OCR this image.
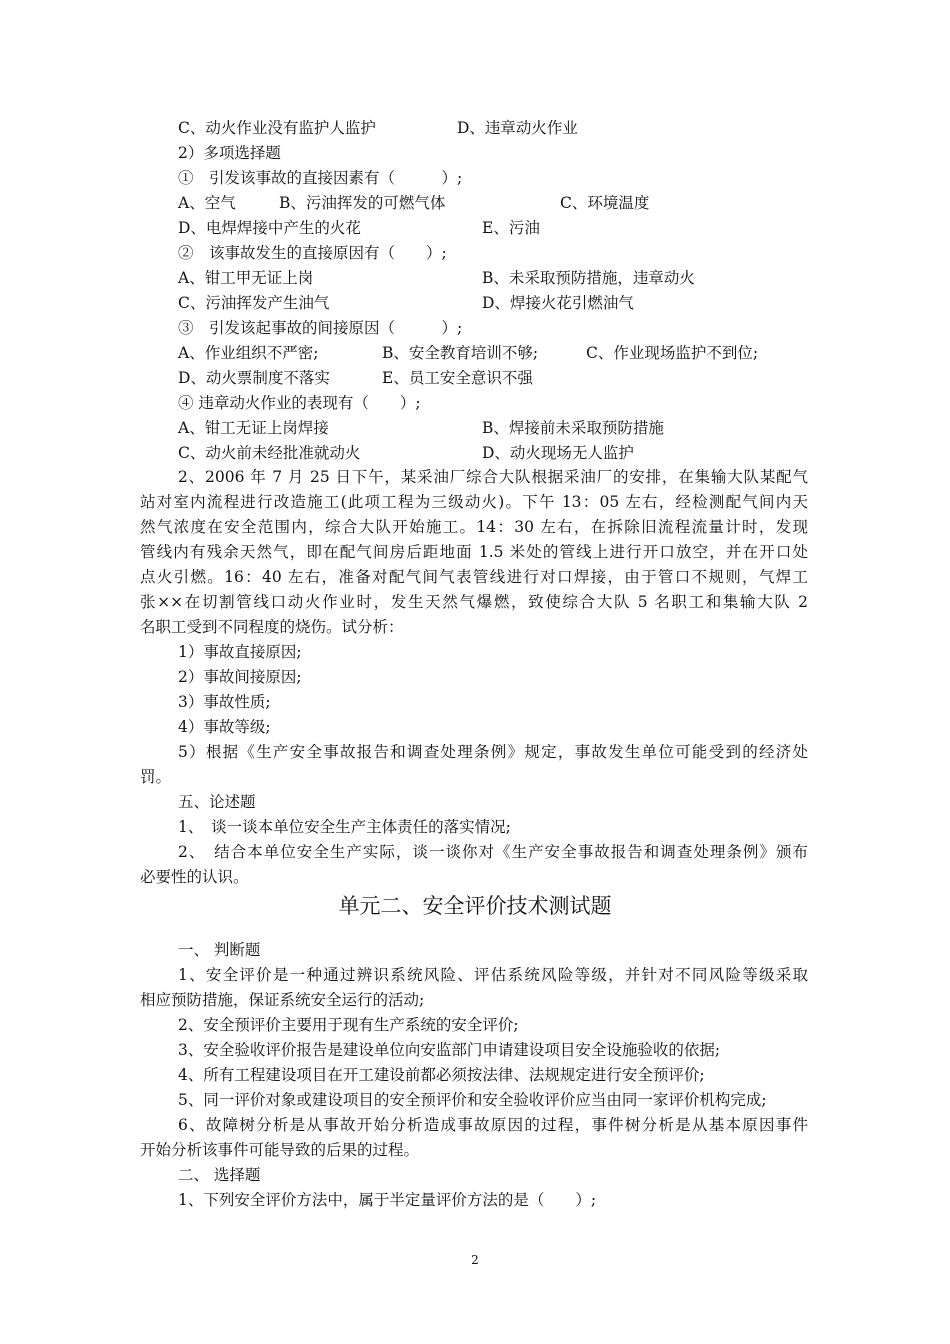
C、动火作业没有监护人监护	D、违章动火作业
2）多项选择题
①　引发该事故的直接因素有（　　　）;
A、空气	B、污油挥发的可燃气体	C、环境温度
D、电焊焊接中产生的火花	E、污油
②　该事故发生的直接原因有（　　）;
A、钳工甲无证上岗	B、未采取预防措施，违章动火
C、污油挥发产生油气	D、焊接火花引燃油气
③　引发该起事故的间接原因（　　　）;
A、作业组织不严密;	B、安全教育培训不够;	C、作业现场监护不到位;
D、动火票制度不落实	E、员工安全意识不强
④ 违章动火作业的表现有（　　）;
A、钳工无证上岗焊接	B、焊接前未采取预防措施
C、动火前未经批准就动火	D、动火现场无人监护
2、2006 年 7 月 25 日下午，某采油厂综合大队根据采油厂的安排，在集输大队某配气
站对室内流程进行改造施工(此项工程为三级动火)。下午 13：05 左右，经检测配气间内天
然气浓度在安全范围内，综合大队开始施工。14：30 左右，在拆除旧流程流量计时，发现
管线内有残余天然气，即在配气间房后距地面 1.5 米处的管线上进行开口放空，并在开口处
点火引燃。16：40 左右，准备对配气间气表管线进行对口焊接，由于管口不规则，气焊工
张××在切割管线口动火作业时，发生天然气爆燃，致使综合大队 5 名职工和集输大队 2
名职工受到不同程度的烧伤。试分析：
1）事故直接原因;
2）事故间接原因;
3）事故性质;
4）事故等级;
5）根据《生产安全事故报告和调查处理条例》规定，事故发生单位可能受到的经济处
罚。
五、论述题
1、　谈一谈本单位安全生产主体责任的落实情况;
2、　结合本单位安全生产实际，谈一谈你对《生产安全事故报告和调查处理条例》颁布
必要性的认识。
单元二、安全评价技术测试题
一、 判断题
1、安全评价是一种通过辨识系统风险、评估系统风险等级，并针对不同风险等级采取
相应预防措施，保证系统安全运行的活动;
2、安全预评价主要用于现有生产系统的安全评价;
3、安全验收评价报告是建设单位向安监部门申请建设项目安全设施验收的依据;
4、所有工程建设项目在开工建设前都必须按法律、法规规定进行安全预评价;
5、同一评价对象或建设项目的安全预评价和安全验收评价应当由同一家评价机构完成;
6、故障树分析是从事故开始分析造成事故原因的过程，事件树分析是从基本原因事件
开始分析该事件可能导致的后果的过程。
二、 选择题
1、下列安全评价方法中，属于半定量评价方法的是（　　）;
2
